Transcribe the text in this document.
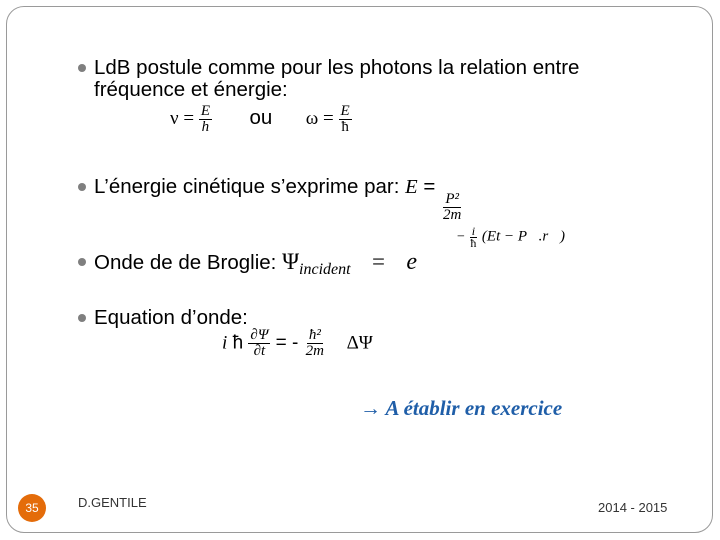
LdB postule comme pour les photons la relation entre
fréquence et énergie:
$\nu = \frac{E}{h}$ ou $\omega = \frac{E}{ħ}$
L’énergie cinétique s’exprime par: E =
$\frac{\text{P²}}{2m}$
Onde de de Broglie: $\Psi_{incident} = e$
− $\frac{i}{ħ} (Et$ − P⃗.r⃗)
Equation d’onde:
i ħ $\frac{\partial\Psi}{\partial t}$ = - $\frac{\text{ħ²}}{2m}$ ΔΨ
→ A établir en exercice
35	D.GENTILE	2014 - 2015
